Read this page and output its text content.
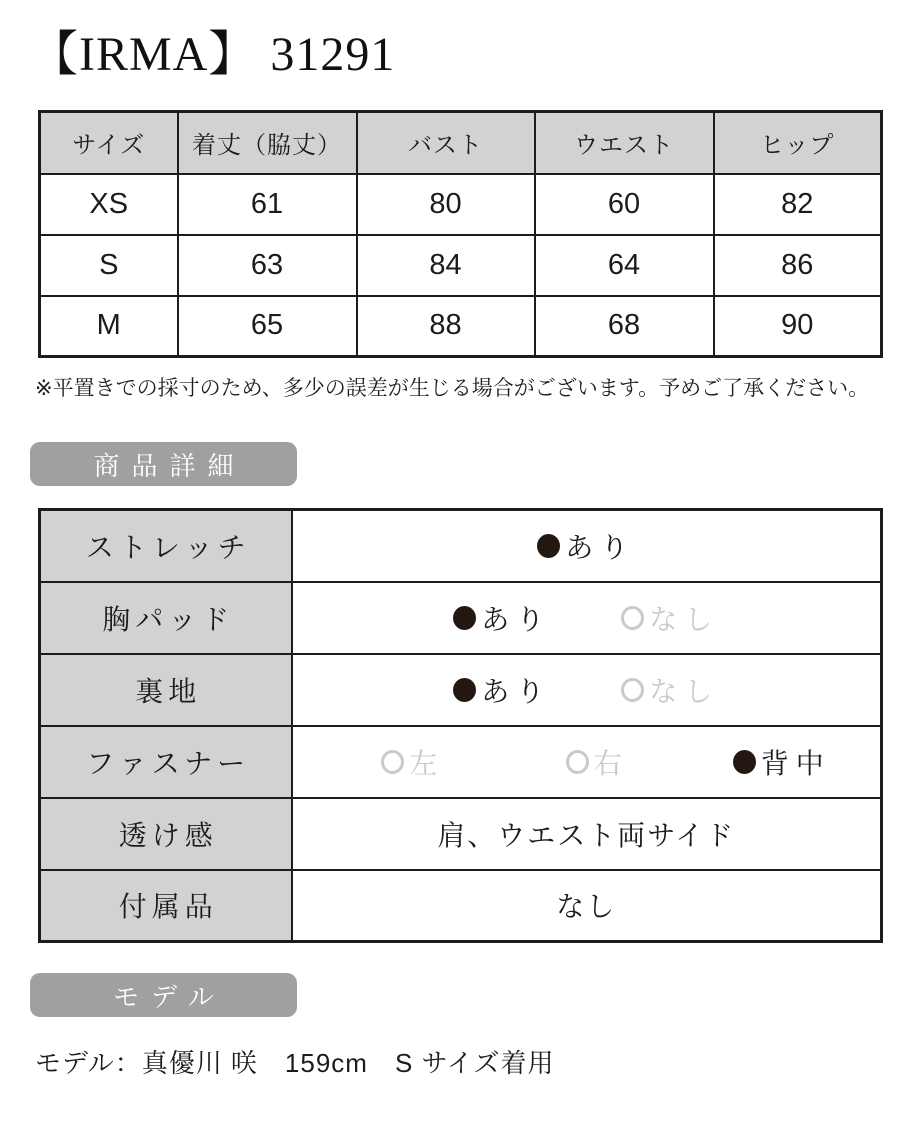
【IRMA】 31291
サイズ	着丈（脇丈）	バスト	ウエスト	ヒップ
XS	61	80	60	82
S	63	84	64	86
M	65	88	68	90

※平置きでの採寸のため、多少の誤差が生じる場合がございます。予めご了承ください。

商品詳細
ストレッチ	あり

胸パッド	あり なし

裏地	あり なし

ファスナー	左 右 背中

透け感	肩、ウエスト両サイド
付属品	なし
モデル

モデル：真優川 咲　159cm　S サイズ着用
